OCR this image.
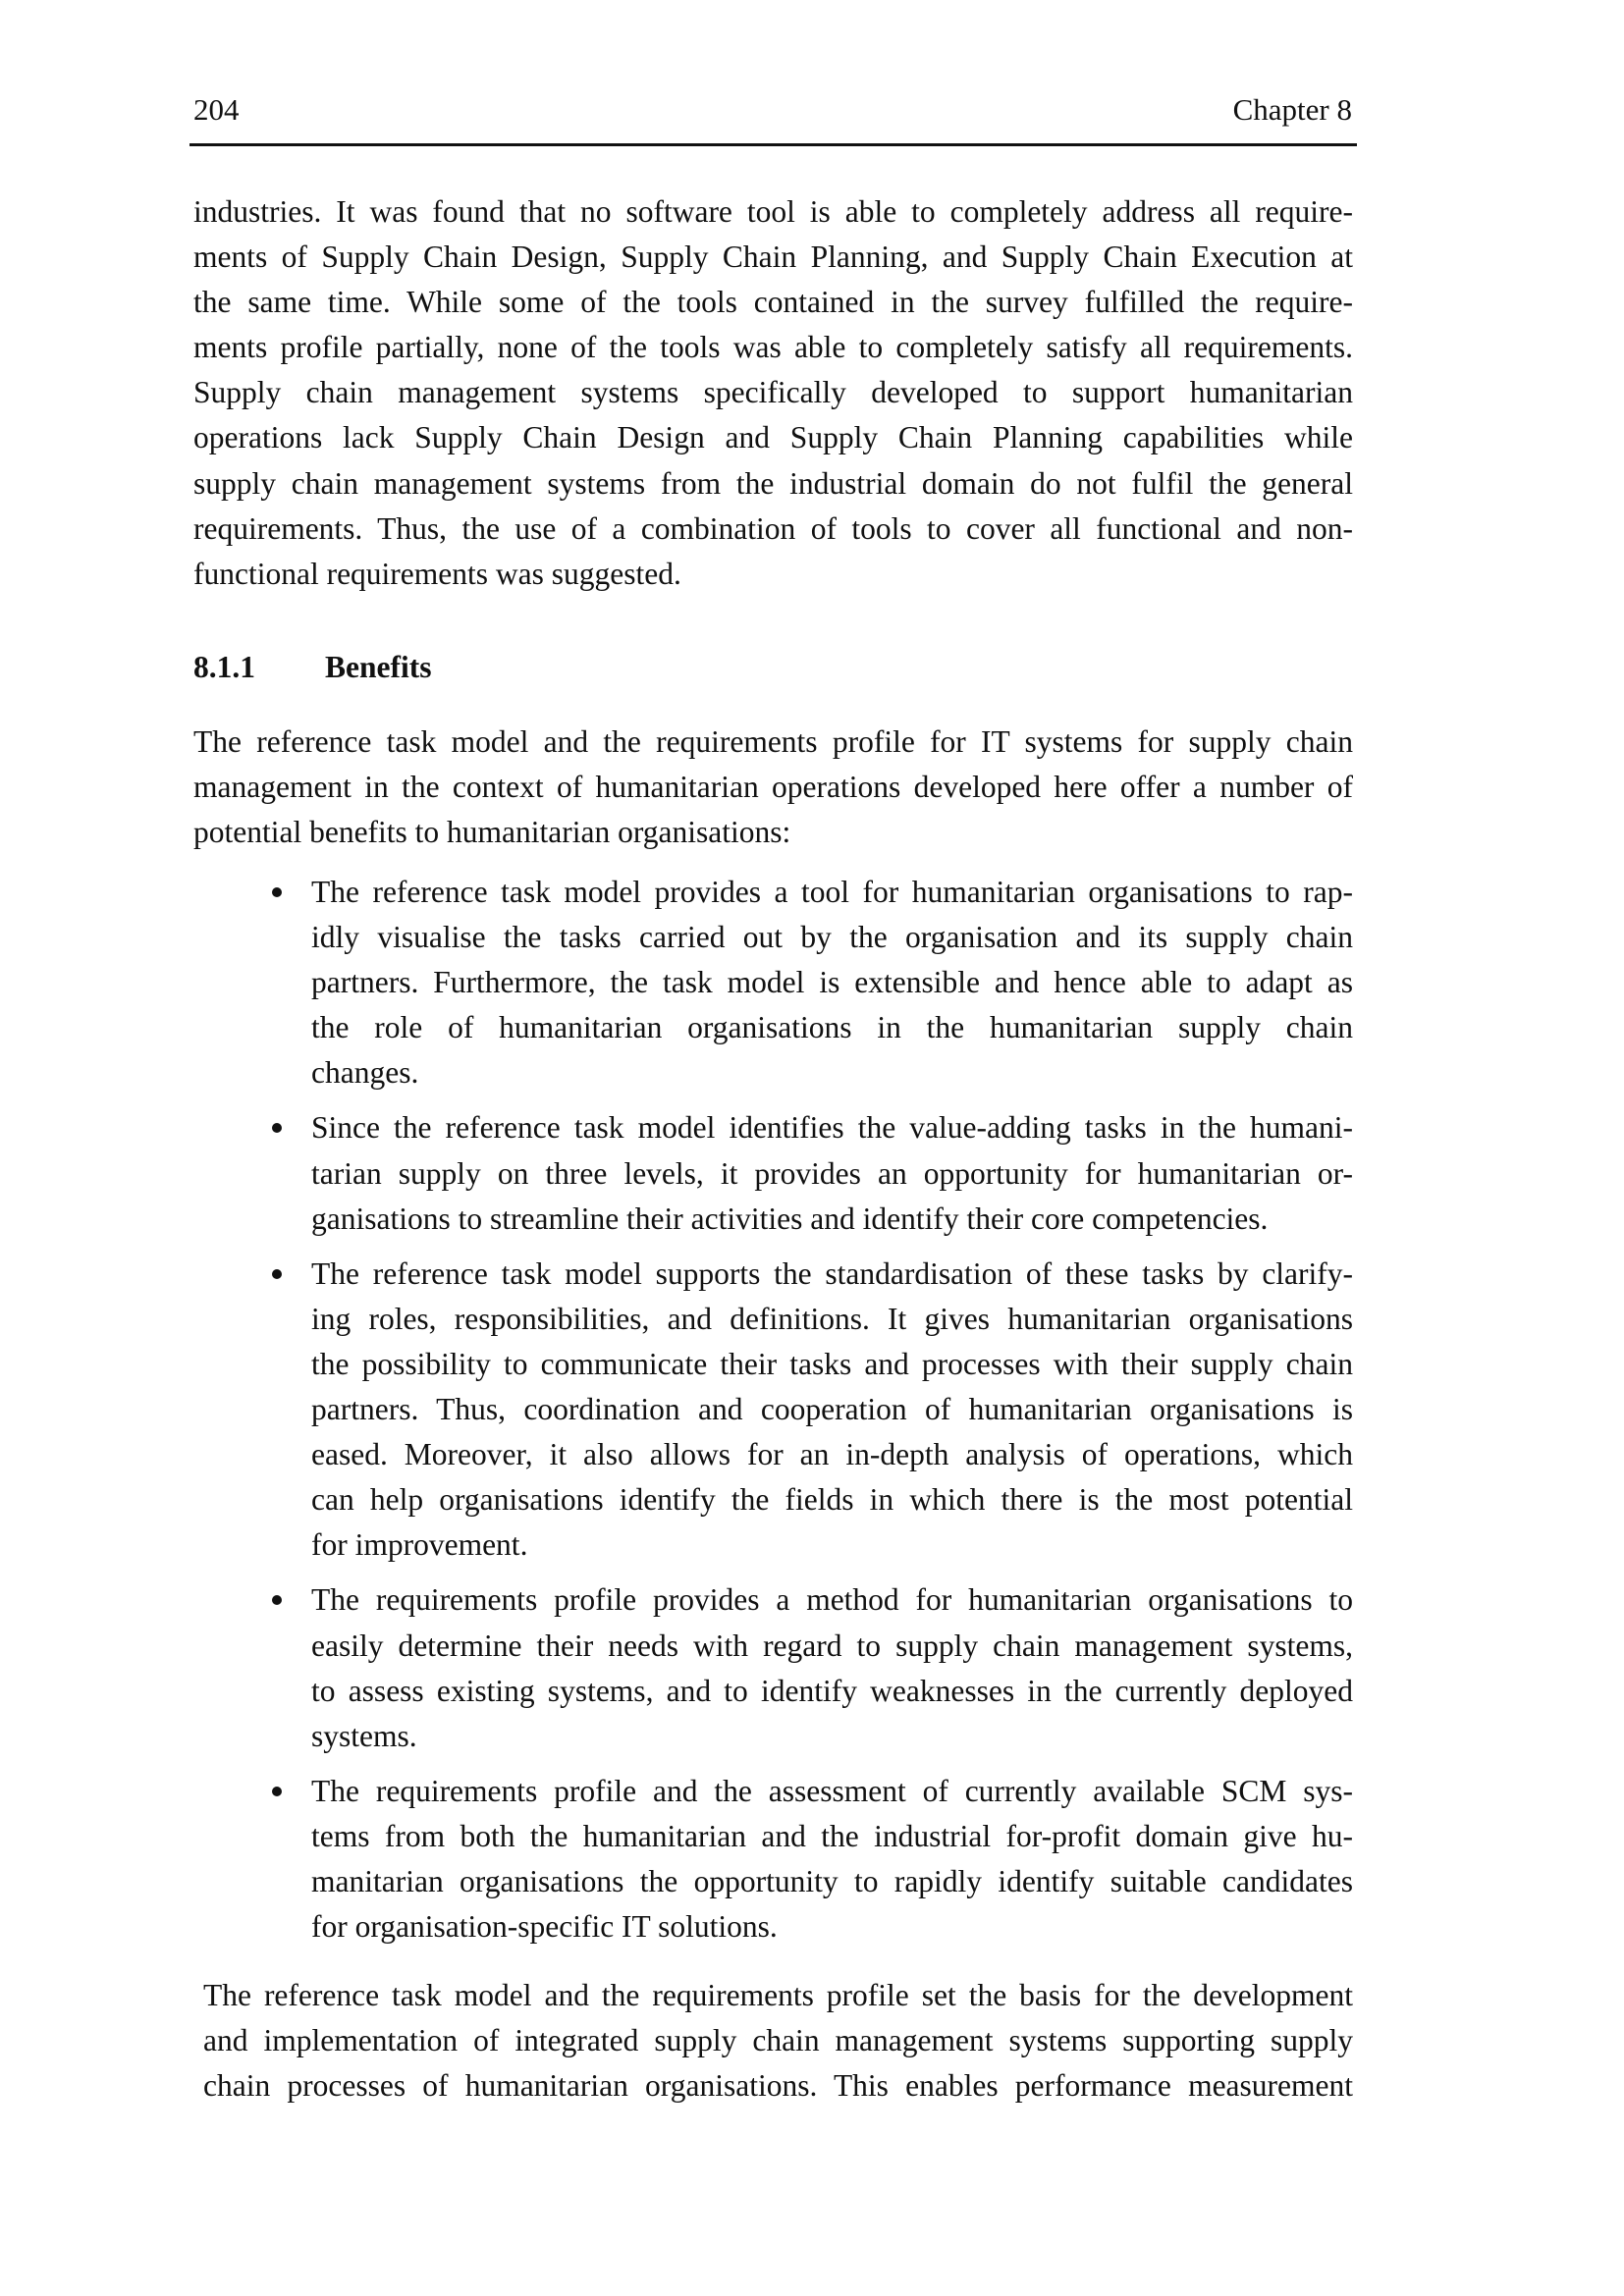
204	Chapter 8
industries. It was found that no software tool is able to completely address all require-
ments of Supply Chain Design, Supply Chain Planning, and Supply Chain Execution at
the same time. While some of the tools contained in the survey fulfilled the require-
ments profile partially, none of the tools was able to completely satisfy all requirements.
Supply chain management systems specifically developed to support humanitarian
operations lack Supply Chain Design and Supply Chain Planning capabilities while
supply chain management systems from the industrial domain do not fulfil the general
requirements. Thus, the use of a combination of tools to cover all functional and non-
functional requirements was suggested.
8.1.1 Benefits
The reference task model and the requirements profile for IT systems for supply chain
management in the context of humanitarian operations developed here offer a number of
potential benefits to humanitarian organisations:
The reference task model provides a tool for humanitarian organisations to rap-
idly visualise the tasks carried out by the organisation and its supply chain
partners. Furthermore, the task model is extensible and hence able to adapt as
the role of humanitarian organisations in the humanitarian supply chain
changes.
Since the reference task model identifies the value-adding tasks in the humani-
tarian supply on three levels, it provides an opportunity for humanitarian or-
ganisations to streamline their activities and identify their core competencies.
The reference task model supports the standardisation of these tasks by clarify-
ing roles, responsibilities, and definitions. It gives humanitarian organisations
the possibility to communicate their tasks and processes with their supply chain
partners. Thus, coordination and cooperation of humanitarian organisations is
eased. Moreover, it also allows for an in-depth analysis of operations, which
can help organisations identify the fields in which there is the most potential
for improvement.
The requirements profile provides a method for humanitarian organisations to
easily determine their needs with regard to supply chain management systems,
to assess existing systems, and to identify weaknesses in the currently deployed
systems.
The requirements profile and the assessment of currently available SCM sys-
tems from both the humanitarian and the industrial for-profit domain give hu-
manitarian organisations the opportunity to rapidly identify suitable candidates
for organisation-specific IT solutions.
The reference task model and the requirements profile set the basis for the development
and implementation of integrated supply chain management systems supporting supply
chain processes of humanitarian organisations. This enables performance measurement
